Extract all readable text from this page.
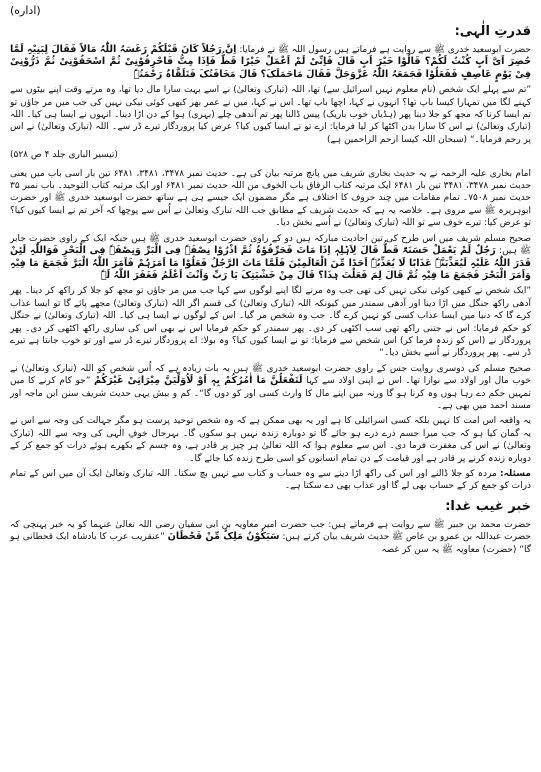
(اداره)
قدرتِ الٰہی:

حضرت ابوسعید خدری ﷺ سے روایت ہے فرماتے ہیں رسول اللہ ﷺ نے فرمایا: اِنَّ رَجُلاً کَانَ قَبْلَکُمْ رَغَسَہُ اللّٰہُ مَالاً فَقَالَ لِبَنِیْہِ لَمَّا حُضِرَ اَیَّ اَبٍ کُنْتُ لَکُمْ؟ قَالُوْا خَیْرَ اَبٍ قَالَ فَاِنِّیْ لَمْ اَعْمَلْ خَیْرًا قَطُّ فَاِذَا مِتُّ فَاحْرِقُوْنِیْ ثُمَّ اسْحَقُوْنِیْ ثُمَّ ذَرُّوْنِیْ فِیْ یَوْمٍ عَاصِفٍ فَفَعَلُوْا فَجَمَعَہُ اللّٰہُ عَزَّوَجَلَّ فَقَالَ مَاحَمَلَکَ؟ قَالَ مَخَافَتُکَ فَتَلَقَّاہُ رَحْمَتُہٗ

”تم سے پہلے ایک شخص (نام معلوم نہیں اسرائیل سے) تھا، اللہ (تبارک وتعالیٰ) نے اسے بہت سارا مال دیا تھا، وہ مرتے وقت اپنے بیٹوں سے کہنے لگا میں تمہارا کیسا باپ تھا؟ انہوں نے کہا، اچھا باپ تھا۔ اس نے کہا، میں نے عمر بھر کبھی کوئی نیکی نہیں کی جب میں مر جاؤں تو تم ایسا کرنا کہ مجھ کو جلا دینا پھر (ہڈیاں خوب باریک) پیس ڈالنا پھر تم آندھی چلے (بہری) ہوا کے دن اڑا دینا۔ انہوں نے ایسا ہی کیا۔ اللہ (تبارک وتعالیٰ) نے اس کا سارا بدن اکٹھا کر لیا فرمایا: ارے تو نے ایسا کیوں کیا؟ عرض کیا پروردگار تیرے ڈر سے۔ اللہ (تبارک وتعالیٰ) نے اس پر رحم فرمایا۔“ (سبحان اللہ کیسا ارحم الراحمین ہے)

(تیسیر الباری جلد ۴ ص ۵۲۸)

امام بخاری علیہ الرحمہ نے یہ حدیث بخاری شریف میں پانچ مرتبہ بیان کی ہے۔ حدیث نمبر ۳۴۷۸، ۳۴۸۱، ۶۴۸۱ تین بار اسی باب میں یعنی حدیث نمبر ۳۴۷۸، ۳۴۸۱ تین بار ۶۴۸۱ ایک مرتبہ کتاب الرقاق باب الخوف من اللہ حدیث نمبر ۶۴۸۱ اور ایک مرتبہ کتاب التوحید۔ باب نمبر ۳۵ حدیث نمبر ۷۵۰۸۔ تمام مقامات میں چند حروف کا اختلاف ہے مگر مضمون ایک جیسے ہی ہے ساتھ حضرت ابوسعید خدری ﷺ اور حضرت ابوہریرہ ﷺ سے مروی ہے۔ خلاصہ یہ ہے کہ حدیث شریف کے مطابق جب اللہ تبارک وتعالیٰ نے اُس سے پوچھا کہ آخر تم نے ایسا کیوں کیا؟ تو عرض کیا: تیرے خوف سے تو اللہ (تبارک وتعالیٰ) نے اُسے بخش دیا۔

صحیح مسلم شریف میں اس طرح کی تین احادیث مبارکہ ہیں دو کے راوی حضرت ابوسعید خدری ﷺ ہیں جبکہ ایک کے راوی حضرت جابر ﷺ ہیں: رَجُلٌ لَمْ یَعْمَلْ حَسَنَۃً قَطُّ قَالَ لِاَہْلِہٖ اِذَا مَاتَ فَحَرِّقُوْہُ ثُمَّ اذْرُوْا نِصْفَہٗ فِی الْبَرِّ وَنِصْفَہٗ فِی الْبَحْرِ فَوَاللّٰہِ لَئِنْ قَدَرَ اللّٰہُ عَلَیْہِ لَیُعَذِّبَنَّہٗ عَذَابًا لَا یُعَذِّبُہٗ اَحَدًا مِّنَ الْعَالَمِیْنَ فَلَمَّا مَاتَ الرَّجُلُ فَعَلُوْا مَا اَمَرَہُمْ فَاَمَرَ اللّٰہُ الْبَرَّ فَجَمَعَ مَا فِیْہِ وَاَمَرَ الْبَحْرَ فَجَمَعَ مَا فِیْہِ ثُمَّ قَالَ لِمَ فَعَلْتَ ہٰذَا؟ قَالَ مِنْ خَشْیَتِکَ یَا رَبِّ وَاَنْتَ اَعْلَمُ فَغَفَرَ اللّٰہُ لَہٗ

”ایک شخص نے کبھی کوئی نیکی نہیں کی تھی جب وہ مرنے لگا اپنے لوگوں سے کہا جب میں مر جاؤں تو مجھ کو جلا کر راکھ کر دینا۔ پھر آدھی راکھ جنگل میں اڑا دینا اور آدھی سمندر میں کیونکہ اللہ (تبارک وتعالیٰ) کی قسم اگر اللہ (تبارک وتعالیٰ) مجھے پائے گا تو ایسا عذاب کرے گا کہ دنیا میں ایسا عذاب کسی کو نہیں کرے گا۔ جب وہ شخص مر گیا۔ اس کے لوگوں نے ایسا ہی کیا۔ اللہ (تبارک وتعالیٰ) نے جنگل کو حکم فرمایا: اس نے جتنی راکھ تھی سب اکٹھی کر دی۔ پھر سمندر کو حکم فرمایا اس نے بھی اس کی ساری راکھ اکٹھی کر دی۔ پھر پروردگار نے (اس کو زندہ فرما کر) اس شخص سے فرمایا: تو نے ایسا کیوں کیا؟ وہ بولا: اے پروردگار تیرے ڈر سے اور تو خوب جانتا ہے تیرے ڈر سے۔ پھر پروردگار نے اُسے بخش دیا۔“

صحیح مسلم کی دوسری روایت جس کے راوی حضرت ابوسعید خدری ﷺ ہیں یہ بات زیادہ ہے کہ اُس شخص کو اللہ (تبارک وتعالیٰ) نے خوب مال اور اولاد سے نوازا تھا۔ اس نے اپنی اولاد سے کہا لَتَفْعَلُنَّ مَا اٰمُرُکُمْ بِہٖ اَوْ لَاُوَلِّیَنَّ مِیْرَاثِیْ غَیْرَکُمْ ”جو کام کرنے کا میں تمہیں حکم دے رہا ہوں وہ کرنا ہو گا ورنہ میں اپنے مال کا وارث کسی اور کو دوں گا“۔ کم و بیش یہی حدیث شریف سنن ابن ماجہ اور مسند احمد میں بھی ہے۔

یہ واقعہ اس امت کا نہیں بلکہ کسی اسرائیلی کا ہے اور یہ بھی ممکن ہے کہ وہ شخص توحید پرست ہو مگر جہالت کی وجہ سے اس نے یہ گمان کیا ہو کہ جب میرا جسم ذرے ذرے ہو جائے گا تو دوبارہ زندہ نہیں ہو سکوں گا۔ بہرحال خوفِ الٰہی کی وجہ سے اللہ (تبارک وتعالیٰ) نے اس کی مغفرت فرما دی۔ اس سے معلوم ہوا کہ اللہ تعالیٰ ہر چیز پر قادر ہے، وہ جسم کے بکھرے ہوئے ذرات کو جمع کر کے دوبارہ زندہ کرنے پر قادر ہے اور قیامت کے دن تمام انسانوں کو اسی طرح زندہ کیا جائے گا۔

مسئلہ: مردہ کو جلا ڈالنے اور اس کی راکھ اڑا دینے سے وہ حساب و کتاب سے نہیں بچ سکتا۔ اللہ تبارک وتعالیٰ ایک آن میں اس کے تمام ذرات کو جمع کر کے حساب بھی لے گا اور عذاب بھی دے سکتا ہے۔

خبر غیب غدا:

حضرت محمد بن جبیر ﷺ سے روایت ہے فرماتے ہیں: جب حضرت امیر معاویہ بن ابی سفیان رضی اللہ تعالیٰ عنہما کو یہ خبر پہنچی کہ حضرت عبداللہ بن عمرو بن عاص ﷺ حدیث شریف بیان کرتے ہیں: سَیَکُوْنُ مَلِکٌ مِّنْ قَحْطَانَ ”عنقریب عرب کا بادشاہ ایک قحطانی ہو گا“ (حضرت) معاویہ ﷺ یہ سن کر غصہ
